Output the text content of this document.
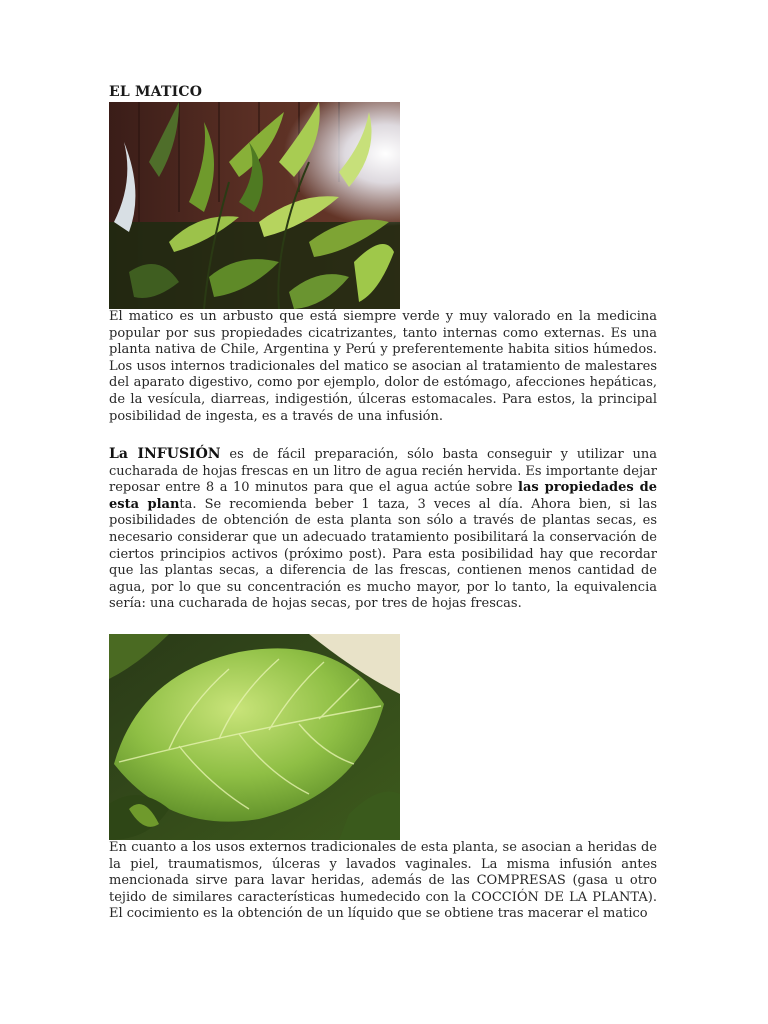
EL MATICO

El matico es un arbusto que está siempre verde y muy valorado en la medicina popular por sus propiedades cicatrizantes, tanto internas como externas. Es una planta nativa de Chile, Argentina y Perú y preferentemente habita sitios húmedos. Los usos internos tradicionales del matico se asocian al tratamiento de malestares del aparato digestivo, como por ejemplo, dolor de estómago, afecciones hepáticas, de la vesícula, diarreas, indigestión, úlceras estomacales. Para estos, la principal posibilidad de ingesta, es a través de una infusión.

La INFUSIÓN es de fácil preparación, sólo basta conseguir y utilizar una cucharada de hojas frescas en un litro de agua recién hervida. Es importante dejar reposar entre 8 a 10 minutos para que el agua actúe sobre las propiedades de esta planta. Se recomienda beber 1 taza, 3 veces al día. Ahora bien, si las posibilidades de obtención de esta planta son sólo a través de plantas secas, es necesario considerar que un adecuado tratamiento posibilitará la conservación de ciertos principios activos (próximo post). Para esta posibilidad hay que recordar que las plantas secas, a diferencia de las frescas, contienen menos cantidad de agua, por lo que su concentración es mucho mayor, por lo tanto, la equivalencia sería: una cucharada de hojas secas, por tres de hojas frescas.

En cuanto a los usos externos tradicionales de esta planta, se asocian a heridas de la piel, traumatismos, úlceras y lavados vaginales. La misma infusión antes mencionada sirve para lavar heridas, además de las COMPRESAS (gasa u otro tejido de similares características humedecido con la COCCIÓN DE LA PLANTA). El cocimiento es la obtención de un líquido que se obtiene tras macerar el matico
